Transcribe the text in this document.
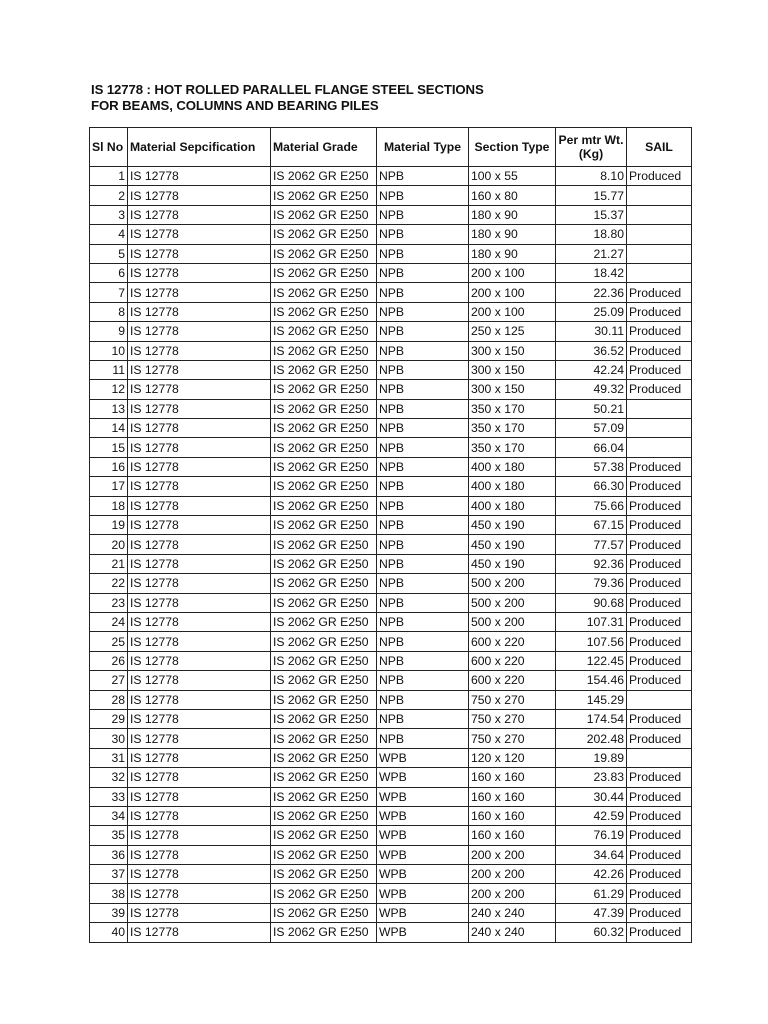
IS 12778 : HOT ROLLED PARALLEL FLANGE STEEL SECTIONS
FOR BEAMS, COLUMNS AND BEARING PILES
Sl No	Material Sepcification	Material Grade	Material Type	Section Type	Per mtr Wt. (Kg)	SAIL
1	IS 12778	IS 2062 GR E250	NPB	100 x 55	8.10	Produced
2	IS 12778	IS 2062 GR E250	NPB	160 x 80	15.77	
3	IS 12778	IS 2062 GR E250	NPB	180 x 90	15.37	
4	IS 12778	IS 2062 GR E250	NPB	180 x 90	18.80	
5	IS 12778	IS 2062 GR E250	NPB	180 x 90	21.27	
6	IS 12778	IS 2062 GR E250	NPB	200 x 100	18.42	
7	IS 12778	IS 2062 GR E250	NPB	200 x 100	22.36	Produced
8	IS 12778	IS 2062 GR E250	NPB	200 x 100	25.09	Produced
9	IS 12778	IS 2062 GR E250	NPB	250 x 125	30.11	Produced
10	IS 12778	IS 2062 GR E250	NPB	300 x 150	36.52	Produced
11	IS 12778	IS 2062 GR E250	NPB	300 x 150	42.24	Produced
12	IS 12778	IS 2062 GR E250	NPB	300 x 150	49.32	Produced
13	IS 12778	IS 2062 GR E250	NPB	350 x 170	50.21	
14	IS 12778	IS 2062 GR E250	NPB	350 x 170	57.09	
15	IS 12778	IS 2062 GR E250	NPB	350 x 170	66.04	
16	IS 12778	IS 2062 GR E250	NPB	400 x 180	57.38	Produced
17	IS 12778	IS 2062 GR E250	NPB	400 x 180	66.30	Produced
18	IS 12778	IS 2062 GR E250	NPB	400 x 180	75.66	Produced
19	IS 12778	IS 2062 GR E250	NPB	450 x 190	67.15	Produced
20	IS 12778	IS 2062 GR E250	NPB	450 x 190	77.57	Produced
21	IS 12778	IS 2062 GR E250	NPB	450 x 190	92.36	Produced
22	IS 12778	IS 2062 GR E250	NPB	500 x 200	79.36	Produced
23	IS 12778	IS 2062 GR E250	NPB	500 x 200	90.68	Produced
24	IS 12778	IS 2062 GR E250	NPB	500 x 200	107.31	Produced
25	IS 12778	IS 2062 GR E250	NPB	600 x 220	107.56	Produced
26	IS 12778	IS 2062 GR E250	NPB	600 x 220	122.45	Produced
27	IS 12778	IS 2062 GR E250	NPB	600 x 220	154.46	Produced
28	IS 12778	IS 2062 GR E250	NPB	750 x 270	145.29	
29	IS 12778	IS 2062 GR E250	NPB	750 x 270	174.54	Produced
30	IS 12778	IS 2062 GR E250	NPB	750 x 270	202.48	Produced
31	IS 12778	IS 2062 GR E250	WPB	120 x 120	19.89	
32	IS 12778	IS 2062 GR E250	WPB	160 x 160	23.83	Produced
33	IS 12778	IS 2062 GR E250	WPB	160 x 160	30.44	Produced
34	IS 12778	IS 2062 GR E250	WPB	160 x 160	42.59	Produced
35	IS 12778	IS 2062 GR E250	WPB	160 x 160	76.19	Produced
36	IS 12778	IS 2062 GR E250	WPB	200 x 200	34.64	Produced
37	IS 12778	IS 2062 GR E250	WPB	200 x 200	42.26	Produced
38	IS 12778	IS 2062 GR E250	WPB	200 x 200	61.29	Produced
39	IS 12778	IS 2062 GR E250	WPB	240 x 240	47.39	Produced
40	IS 12778	IS 2062 GR E250	WPB	240 x 240	60.32	Produced
